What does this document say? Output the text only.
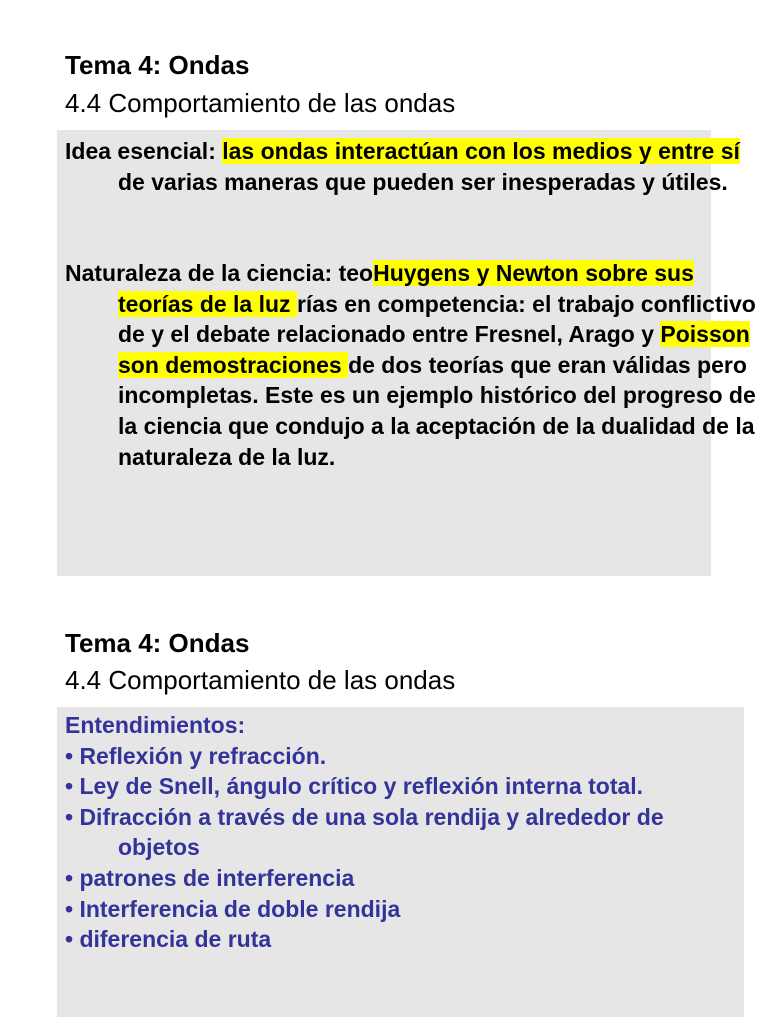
Tema 4: Ondas
4.4 Comportamiento de las ondas

Idea esencial: las ondas interactúan con los medios y entre sí de varias maneras que pueden ser inesperadas y útiles.

Naturaleza de la ciencia: teoHuygens y Newton sobre sus teorías de la luz rías en competencia: el trabajo conflictivo de y el debate relacionado entre Fresnel, Arago y Poisson son demostraciones de dos teorías que eran válidas pero incompletas. Este es un ejemplo histórico del progreso de la ciencia que condujo a la aceptación de la dualidad de la naturaleza de la luz.

Tema 4: Ondas
4.4 Comportamiento de las ondas
Entendimientos:
• Reflexión y refracción.
• Ley de Snell, ángulo crítico y reflexión interna total.
• Difracción a través de una sola rendija y alrededor de objetos
• patrones de interferencia
• Interferencia de doble rendija
• diferencia de ruta
